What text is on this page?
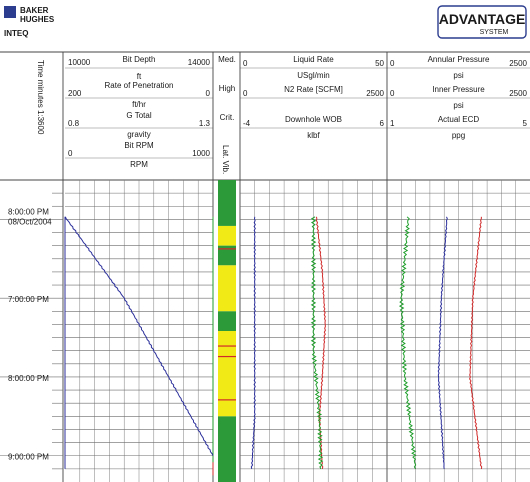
BAKER
HUGHES
INTEQ
ADVANTAGE
SYSTEM
Time minutes 1:3600
Bit Depth
10000	14000
ft
Rate of Penetration
200	0
ft/hr
G Total
0.8	1.3
gravity
Bit RPM
0	1000
RPM
Liquid Rate
0	50
USgl/min
N2 Rate [SCFM]
0	2500
Downhole WOB
-4	6
klbf
Annular Pressure
0	2500
psi
Inner Pressure
0	2500
psi
Actual ECD
1	5
ppg
Med.
High
Crit.
Lat. Vib.
8:00:00 PM
08/Oct/2004
7:00:00 PM
8:00:00 PM
9:00:00 PM
